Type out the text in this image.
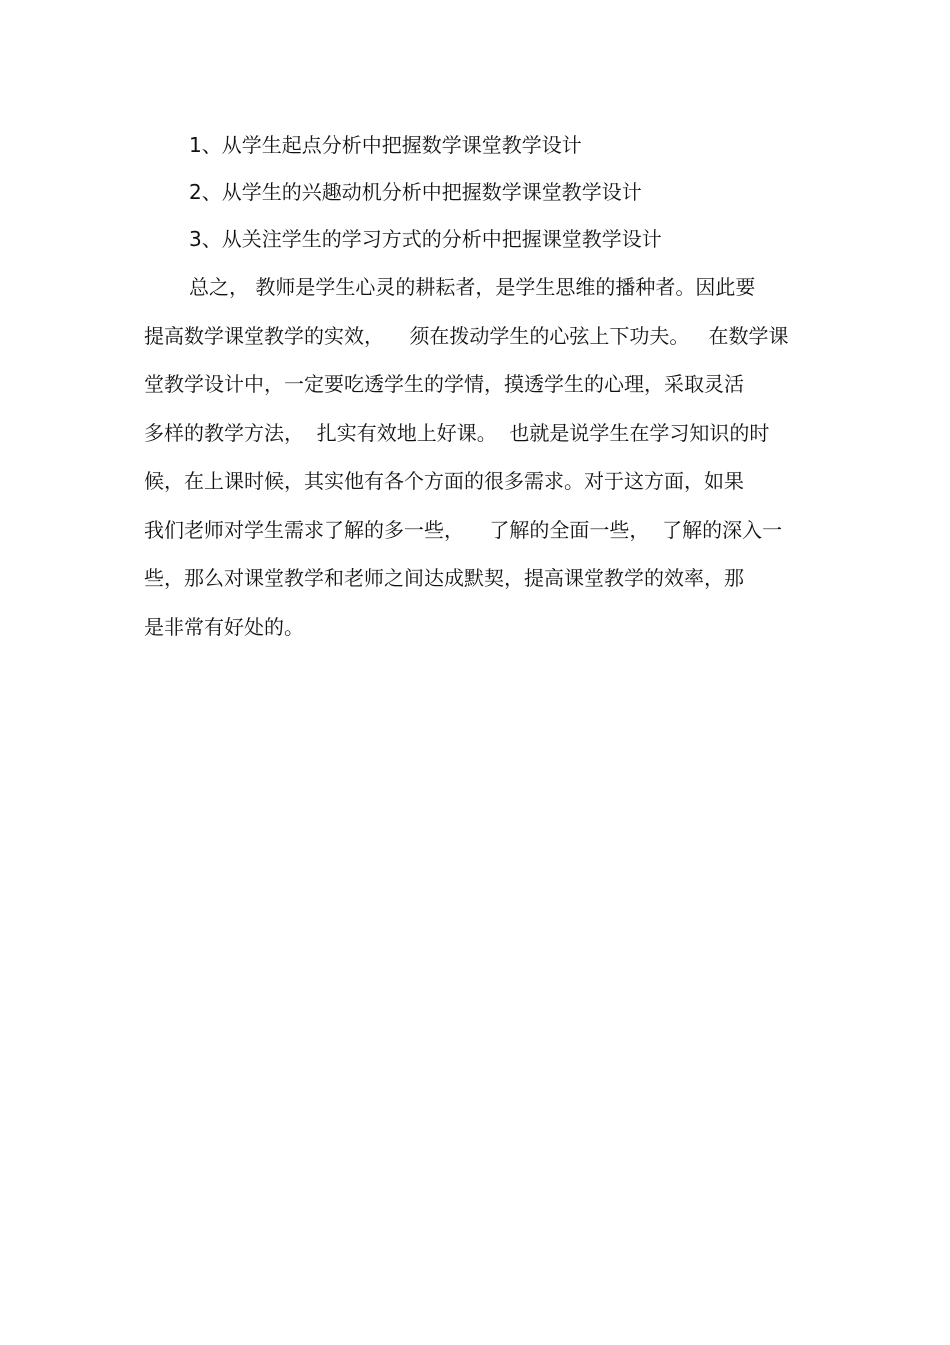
1、从学生起点分析中把握数学课堂教学设计
2、从学生的兴趣动机分析中把握数学课堂教学设计
3、从关注学生的学习方式的分析中把握课堂教学设计
总之， 教师是学生心灵的耕耘者，是学生思维的播种者。因此要
提高数学课堂教学的实效，    须在拨动学生的心弦上下功夫。   在数学课
堂教学设计中，一定要吃透学生的学情，摸透学生的心理，采取灵活
多样的教学方法，  扎实有效地上好课。  也就是说学生在学习知识的时
候，在上课时候，其实他有各个方面的很多需求。对于这方面，如果
我们老师对学生需求了解的多一些，    了解的全面一些，  了解的深入一
些，那么对课堂教学和老师之间达成默契，提高课堂教学的效率，那
是非常有好处的。
